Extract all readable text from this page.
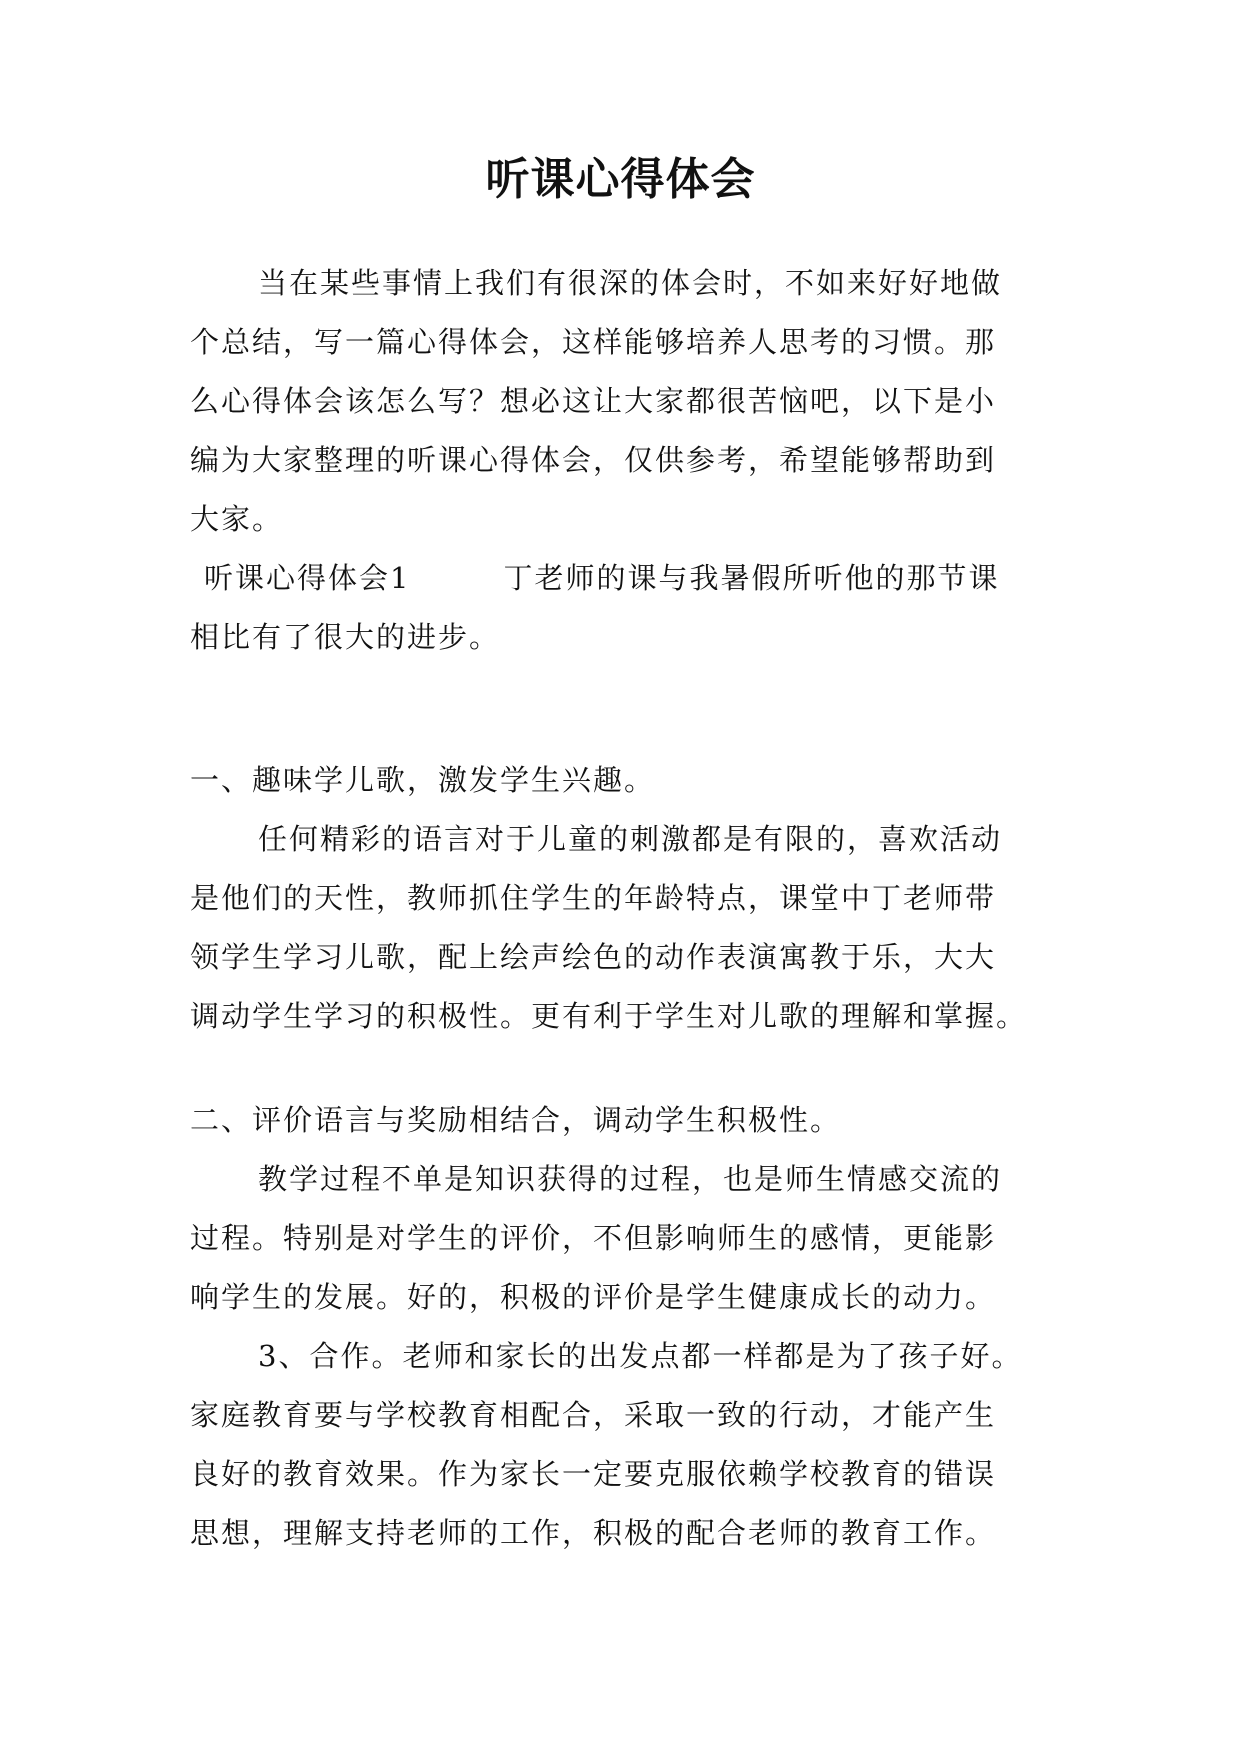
听课心得体会
当在某些事情上我们有很深的体会时，不如来好好地做
个总结，写一篇心得体会，这样能够培养人思考的习惯。那
么心得体会该怎么写？想必这让大家都很苦恼吧，以下是小
编为大家整理的听课心得体会，仅供参考，希望能够帮助到
大家。
听课心得体会1　　　丁老师的课与我暑假所听他的那节课
相比有了很大的进步。
一、趣味学儿歌，激发学生兴趣。
任何精彩的语言对于儿童的刺激都是有限的，喜欢活动
是他们的天性，教师抓住学生的年龄特点，课堂中丁老师带
领学生学习儿歌，配上绘声绘色的动作表演寓教于乐，大大
调动学生学习的积极性。更有利于学生对儿歌的理解和掌握。
二、评价语言与奖励相结合，调动学生积极性。
教学过程不单是知识获得的过程，也是师生情感交流的
过程。特别是对学生的评价，不但影响师生的感情，更能影
响学生的发展。好的，积极的评价是学生健康成长的动力。
3、合作。老师和家长的出发点都一样都是为了孩子好。
家庭教育要与学校教育相配合，采取一致的行动，才能产生
良好的教育效果。作为家长一定要克服依赖学校教育的错误
思想，理解支持老师的工作，积极的配合老师的教育工作。
